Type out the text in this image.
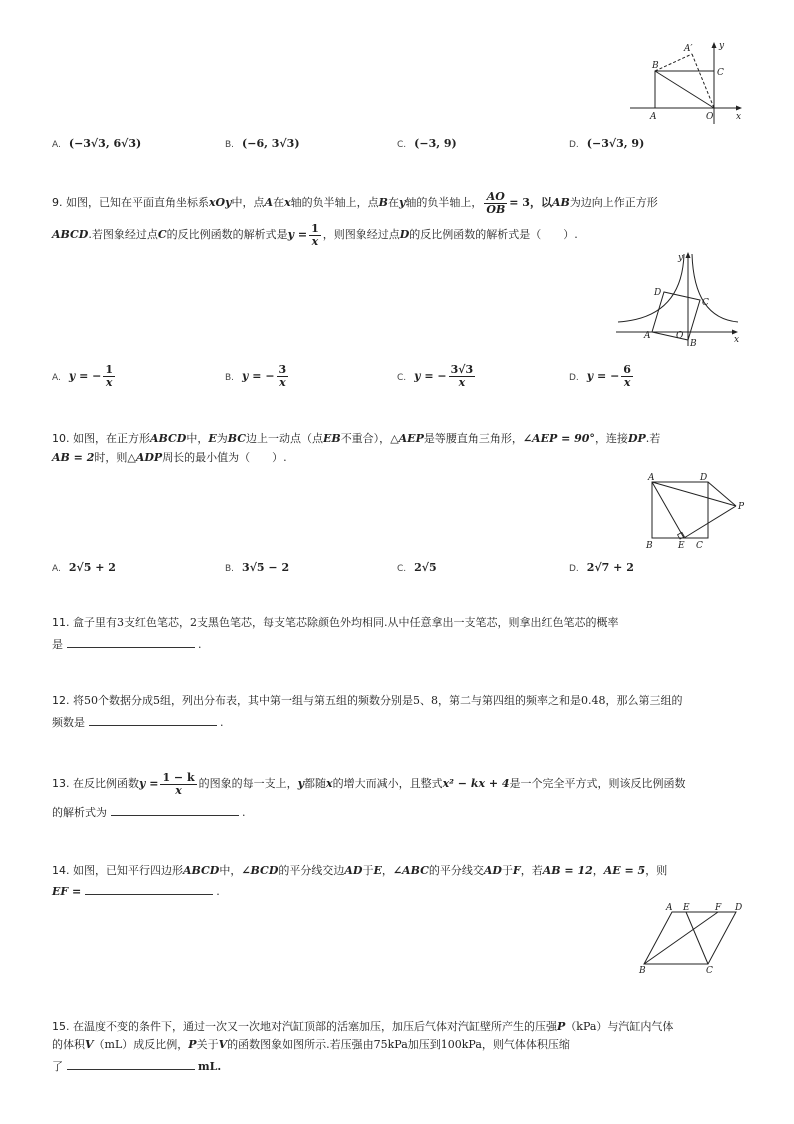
A′	y
B
C
A	O	x
A. (−3√3, 6√3)	B. (−6, 3√3)	C. (−3, 9)	D. (−3√3, 9)
9. 如图，已知在平面直角坐标系xOy中，点A在x轴的负半轴上，点B在y轴的负半轴上， $\frac{AO}{OB} = 3$，以AB为边向上作正方形
ABCD.若图象经过点C的反比例函数的解析式是$y = \frac{1}{x}$ ，则图象经过点D的反比例函数的解析式是（　　）.
y
D
C
A	O
B	x
A. y = − $\frac{1}{x}$	B. y = − $\frac{3}{x}$	C. y = − $\frac{3√3}{x}$	D. y = − $\frac{6}{x}$
10. 如图，在正方形ABCD中，E为BC边上一动点（点EB不重合），△AEP是等腰直角三角形，∠AEP = 90°，连接DP.若
AB = 2时，则△ADP周长的最小值为（　　）.
A	D
P
B	E C
A. 2√5 + 2	B. 3√5 − 2	C. 2√5	D. 2√7 + 2
11. 盒子里有3支红色笔芯，2支黑色笔芯，每支笔芯除颜色外均相同.从中任意拿出一支笔芯，则拿出红色笔芯的概率
是	.
12. 将50个数据分成5组，列出分布表，其中第一组与第五组的频数分别是5、8，第二与第四组的频率之和是0.48，那么第三组的
频数是	.
13. 在反比例函数$y = \frac{1 - k}{x}$ 的图象的每一支上，y都随x的增大而减小，且整式x² − kx + 4是一个完全平方式，则该反比例函数
的解析式为	.
14. 如图，已知平行四边形ABCD中，∠BCD的平分线交边AD于E，∠ABC的平分线交AD于F，若AB = 12，AE = 5，则
EF =	.
A E	F D
B	C
15. 在温度不变的条件下，通过一次又一次地对汽缸顶部的活塞加压，加压后气体对汽缸壁所产生的压强P（kPa）与汽缸内气体
的体积V（mL）成反比例，P关于V的函数图象如图所示.若压强由75kPa加压到100kPa，则气体体积压缩
了	mL.
